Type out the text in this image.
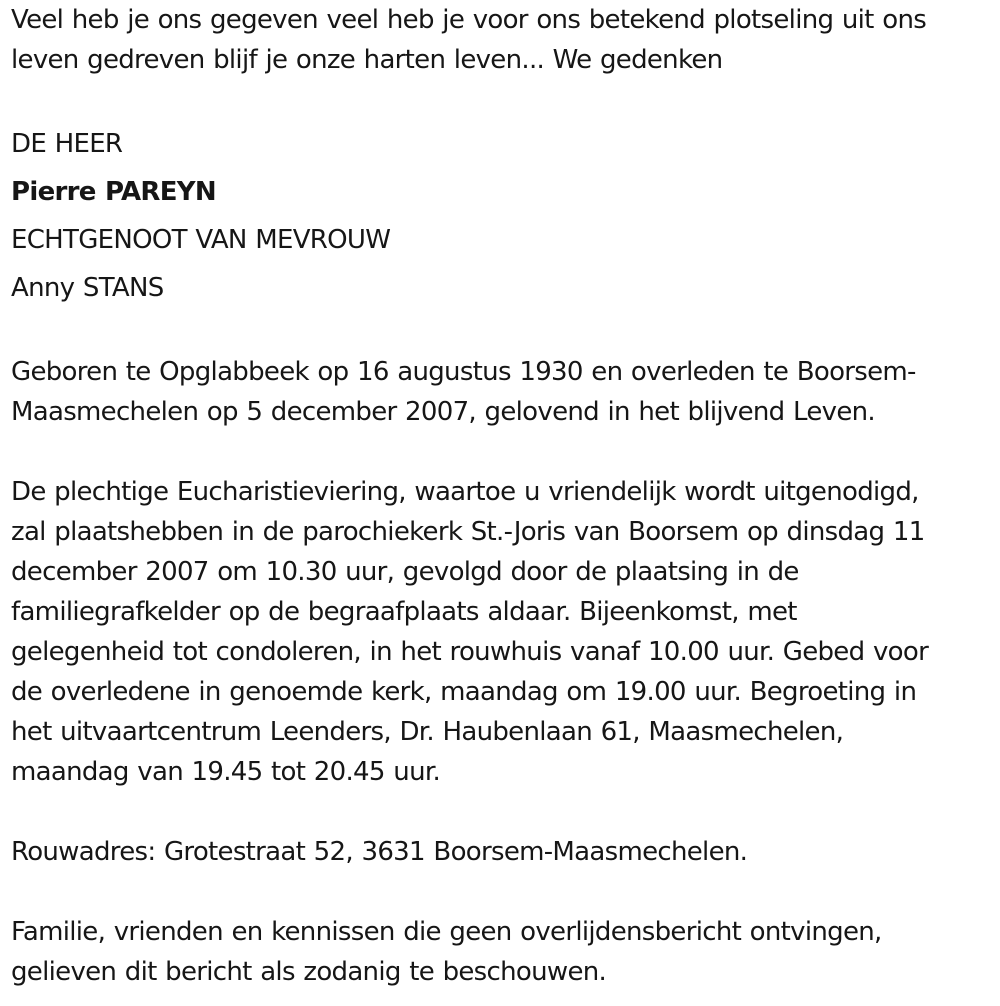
Veel heb je ons gegeven veel heb je voor ons betekend plotseling uit ons
leven gedreven blijf je onze harten leven... We gedenken
DE HEER
Pierre PAREYN
ECHTGENOOT VAN MEVROUW
Anny STANS
Geboren te Opglabbeek op 16 augustus 1930 en overleden te Boorsem-
Maasmechelen op 5 december 2007, gelovend in het blijvend Leven.
De plechtige Eucharistieviering, waartoe u vriendelijk wordt uitgenodigd,
zal plaatshebben in de parochiekerk St.-Joris van Boorsem op dinsdag 11
december 2007 om 10.30 uur, gevolgd door de plaatsing in de
familiegrafkelder op de begraafplaats aldaar. Bijeenkomst, met
gelegenheid tot condoleren, in het rouwhuis vanaf 10.00 uur. Gebed voor
de overledene in genoemde kerk, maandag om 19.00 uur. Begroeting in
het uitvaartcentrum Leenders, Dr. Haubenlaan 61, Maasmechelen,
maandag van 19.45 tot 20.45 uur.
Rouwadres: Grotestraat 52, 3631 Boorsem-Maasmechelen.
Familie, vrienden en kennissen die geen overlijdensbericht ontvingen,
gelieven dit bericht als zodanig te beschouwen.
